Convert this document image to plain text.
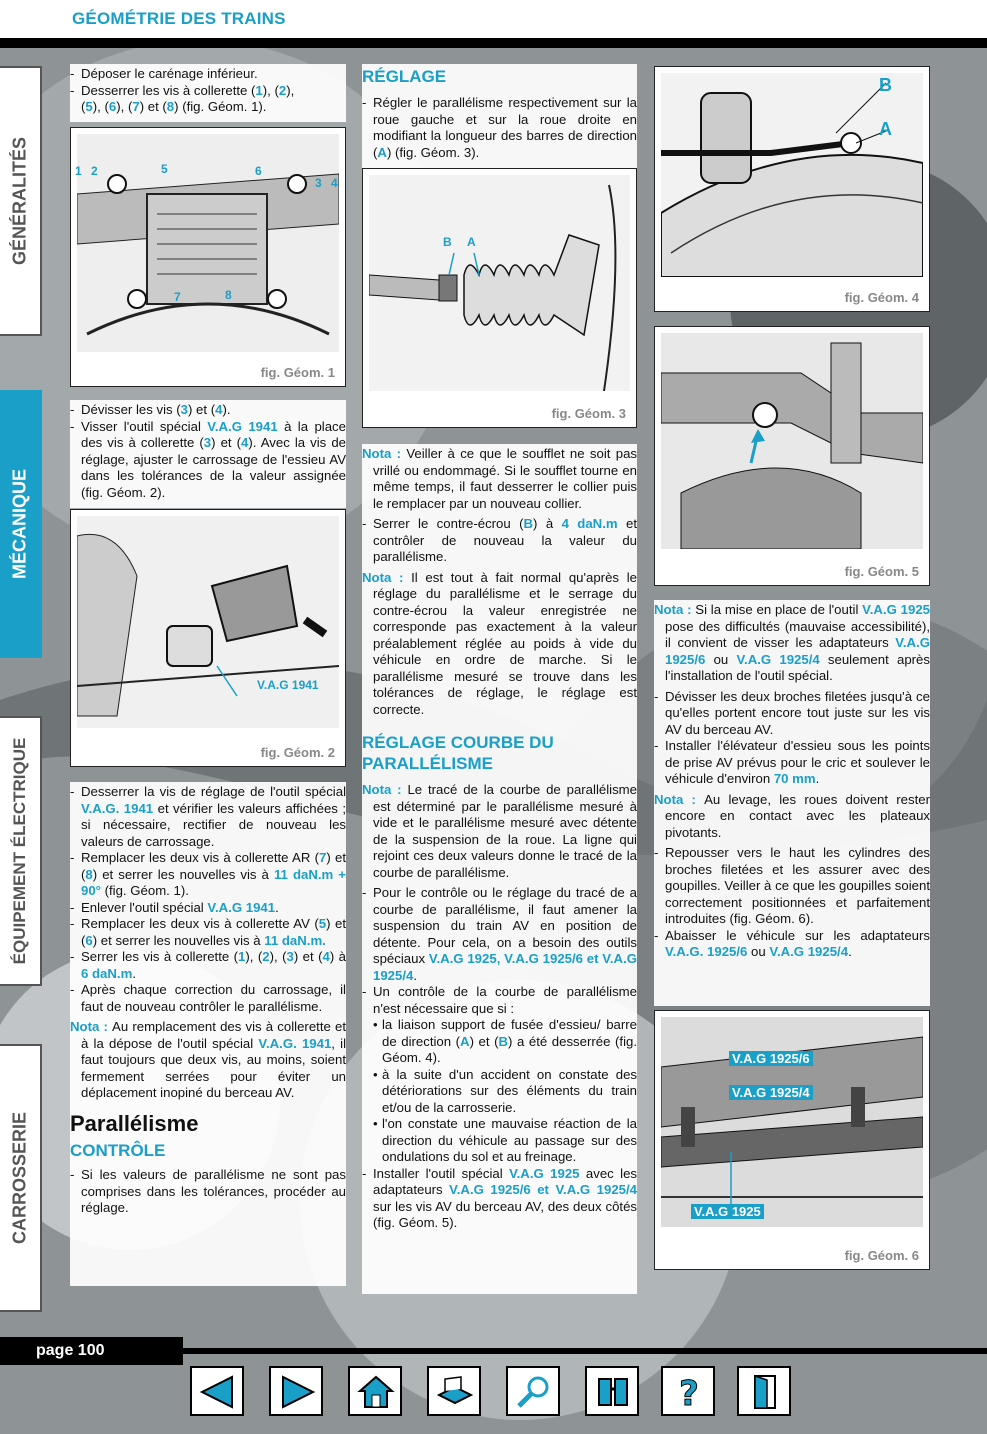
GÉOMÉTRIE DES TRAINS
GÉNÉRALITÉS
MÉCANIQUE
ÉQUIPEMENT ÉLECTRIQUE
CARROSSERIE

- Déposer le carénage inférieur.

- Desserrer les vis à collerette (1), (2),
(5), (6), (7) et (8) (fig. Géom. 1).

1 2	5	6
3 4
7	8
fig. Géom. 1

- Dévisser les vis (3) et (4).

- Visser l'outil spécial V.A.G 1941 à la place des vis à collerette (3) et (4). Avec la vis de réglage, ajuster le carrossage de l'essieu AV dans les tolérances de la valeur assignée (fig. Géom. 2).

V.A.G 1941
fig. Géom. 2

- Desserrer la vis de réglage de l'outil spécial V.A.G. 1941 et vérifier les valeurs affichées ; si nécessaire, rectifier de nouveau les valeurs de carrossage.

- Remplacer les deux vis à collerette AR (7) et (8) et serrer les nouvelles vis à 11 daN.m + 90° (fig. Géom. 1).

- Enlever l'outil spécial V.A.G 1941.

- Remplacer les deux vis à collerette AV (5) et (6) et serrer les nouvelles vis à 11 daN.m.

- Serrer les vis à collerette (1), (2), (3) et (4) à 6 daN.m.

- Après chaque correction du carrossage, il faut de nouveau contrôler le parallélisme.

Nota : Au remplacement des vis à collerette et à la dépose de l'outil spécial V.A.G. 1941, il faut toujours que deux vis, au moins, soient fermement serrées pour éviter un déplacement inopiné du berceau AV.

Parallélisme
CONTRÔLE

- Si les valeurs de parallélisme ne sont pas comprises dans les tolérances, procéder au réglage.

RÉGLAGE

- Régler le parallélisme respectivement sur la roue gauche et sur la roue droite en modifiant la longueur des barres de direction (A) (fig. Géom. 3).

B A
fig. Géom. 3

Nota : Veiller à ce que le soufflet ne soit pas vrillé ou endommagé. Si le soufflet tourne en même temps, il faut desserrer le collier puis le remplacer par un nouveau collier.

- Serrer le contre-écrou (B) à 4 daN.m et contrôler de nouveau la valeur du parallélisme.

Nota : Il est tout à fait normal qu'après le réglage du parallélisme et le serrage du contre-écrou la valeur enregistrée ne corresponde pas exactement à la valeur préalablement réglée au poids à vide du véhicule en ordre de marche. Si le parallélisme mesuré se trouve dans les tolérances de réglage, le réglage est correcte.

RÉGLAGE COURBE DU PARALLÉLISME

Nota : Le tracé de la courbe de parallélisme est déterminé par le parallélisme mesuré à vide et le parallélisme mesuré avec détente de la suspension de la roue. La ligne qui rejoint ces deux valeurs donne le tracé de la courbe de parallélisme.

- Pour le contrôle ou le réglage du tracé de a courbe de parallélisme, il faut amener la suspension du train AV en position de détente. Pour cela, on a besoin des outils spéciaux V.A.G 1925, V.A.G 1925/6 et V.A.G 1925/4.

- Un contrôle de la courbe de parallélisme n'est nécessaire que si :

• la liaison support de fusée d'essieu/ barre de direction (A) et (B) a été desserrée (fig. Géom. 4).

• à la suite d'un accident on constate des détériorations sur des éléments du train et/ou de la carrosserie.

• l'on constate une mauvaise réaction de la direction du véhicule au passage sur des ondulations du sol et au freinage.

- Installer l'outil spécial V.A.G 1925 avec les adaptateurs V.A.G 1925/6 et V.A.G 1925/4 sur les vis AV du berceau AV, des deux côtés (fig. Géom. 5).

B
A
fig. Géom. 4
fig. Géom. 5

Nota : Si la mise en place de l'outil V.A.G 1925 pose des difficultés (mauvaise accessibilité), il convient de visser les adaptateurs V.A.G 1925/6 ou V.A.G 1925/4 seulement après l'installation de l'outil spécial.

- Dévisser les deux broches filetées jusqu'à ce qu'elles portent encore tout juste sur les vis AV du berceau AV.

- Installer l'élévateur d'essieu sous les points de prise AV prévus pour le cric et soulever le véhicule d'environ 70 mm.

Nota : Au levage, les roues doivent rester encore en contact avec les plateaux pivotants.

- Repousser vers le haut les cylindres des broches filetées et les assurer avec des goupilles. Veiller à ce que les goupilles soient correctement positionnées et parfaitement introduites (fig. Géom. 6).

- Abaisser le véhicule sur les adaptateurs V.A.G. 1925/6 ou V.A.G 1925/4.

V.A.G 1925/6
V.A.G 1925/4
V.A.G 1925
fig. Géom. 6
page 100
?
